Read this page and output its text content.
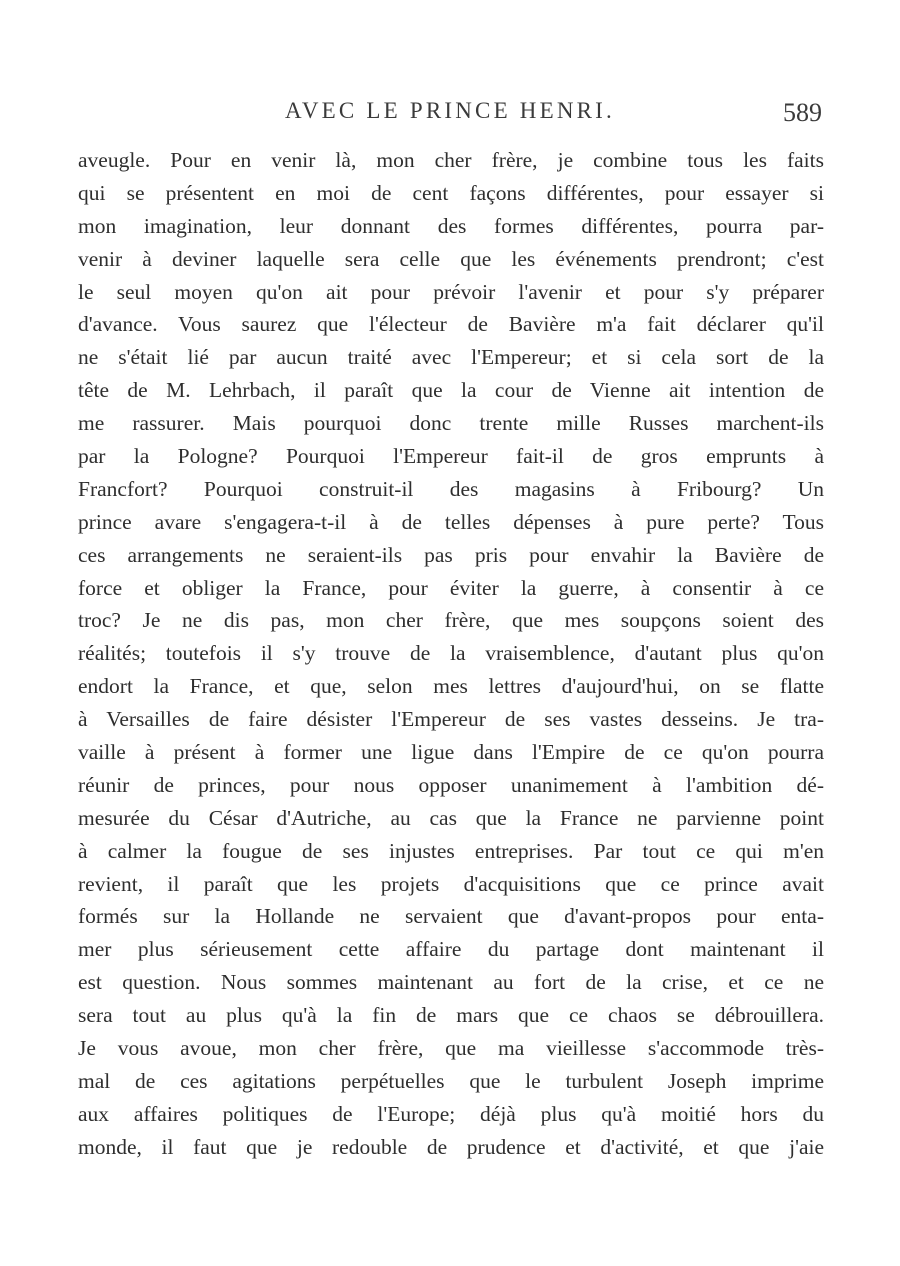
AVEC LE PRINCE HENRI.	589
aveugle. Pour en venir là, mon cher frère, je combine tous les faits
qui se présentent en moi de cent façons différentes, pour essayer si
mon imagination, leur donnant des formes différentes, pourra par-
venir à deviner laquelle sera celle que les événements prendront; c'est
le seul moyen qu'on ait pour prévoir l'avenir et pour s'y préparer
d'avance. Vous saurez que l'électeur de Bavière m'a fait déclarer qu'il
ne s'était lié par aucun traité avec l'Empereur; et si cela sort de la
tête de M. Lehrbach, il paraît que la cour de Vienne ait intention de
me rassurer. Mais pourquoi donc trente mille Russes marchent-ils
par la Pologne? Pourquoi l'Empereur fait-il de gros emprunts à
Francfort? Pourquoi construit-il des magasins à Fribourg? Un
prince avare s'engagera-t-il à de telles dépenses à pure perte? Tous
ces arrangements ne seraient-ils pas pris pour envahir la Bavière de
force et obliger la France, pour éviter la guerre, à consentir à ce
troc? Je ne dis pas, mon cher frère, que mes soupçons soient des
réalités; toutefois il s'y trouve de la vraisemblence, d'autant plus qu'on
endort la France, et que, selon mes lettres d'aujourd'hui, on se flatte
à Versailles de faire désister l'Empereur de ses vastes desseins. Je tra-
vaille à présent à former une ligue dans l'Empire de ce qu'on pourra
réunir de princes, pour nous opposer unanimement à l'ambition dé-
mesurée du César d'Autriche, au cas que la France ne parvienne point
à calmer la fougue de ses injustes entreprises. Par tout ce qui m'en
revient, il paraît que les projets d'acquisitions que ce prince avait
formés sur la Hollande ne servaient que d'avant-propos pour enta-
mer plus sérieusement cette affaire du partage dont maintenant il
est question. Nous sommes maintenant au fort de la crise, et ce ne
sera tout au plus qu'à la fin de mars que ce chaos se débrouillera.
Je vous avoue, mon cher frère, que ma vieillesse s'accommode très-
mal de ces agitations perpétuelles que le turbulent Joseph imprime
aux affaires politiques de l'Europe; déjà plus qu'à moitié hors du
monde, il faut que je redouble de prudence et d'activité, et que j'aie
